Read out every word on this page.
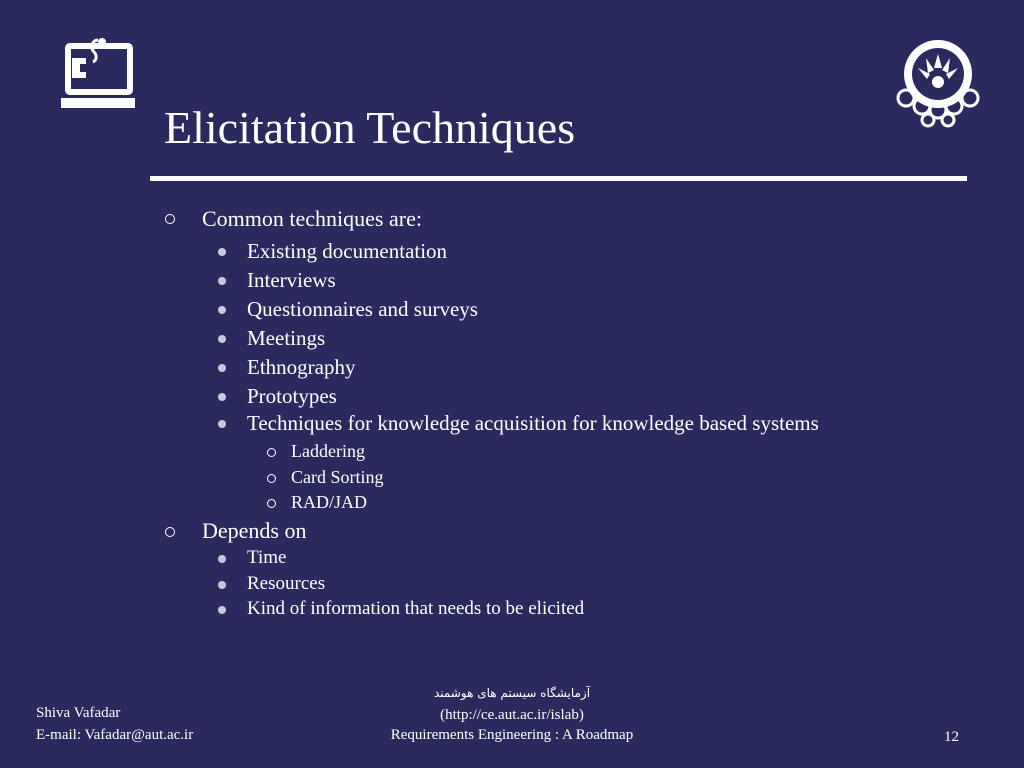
Elicitation Techniques
Common techniques are:
Existing documentation
Interviews
Questionnaires and surveys
Meetings
Ethnography
Prototypes
Techniques for knowledge acquisition for knowledge based systems
Laddering
Card Sorting
RAD/JAD
Depends on
Time
Resources
Kind of information that needs to be elicited
Shiva Vafadar
E-mail: Vafadar@aut.ac.ir
آزمایشگاه سیستم های هوشمند
(http://ce.aut.ac.ir/islab)
Requirements Engineering : A Roadmap	12
